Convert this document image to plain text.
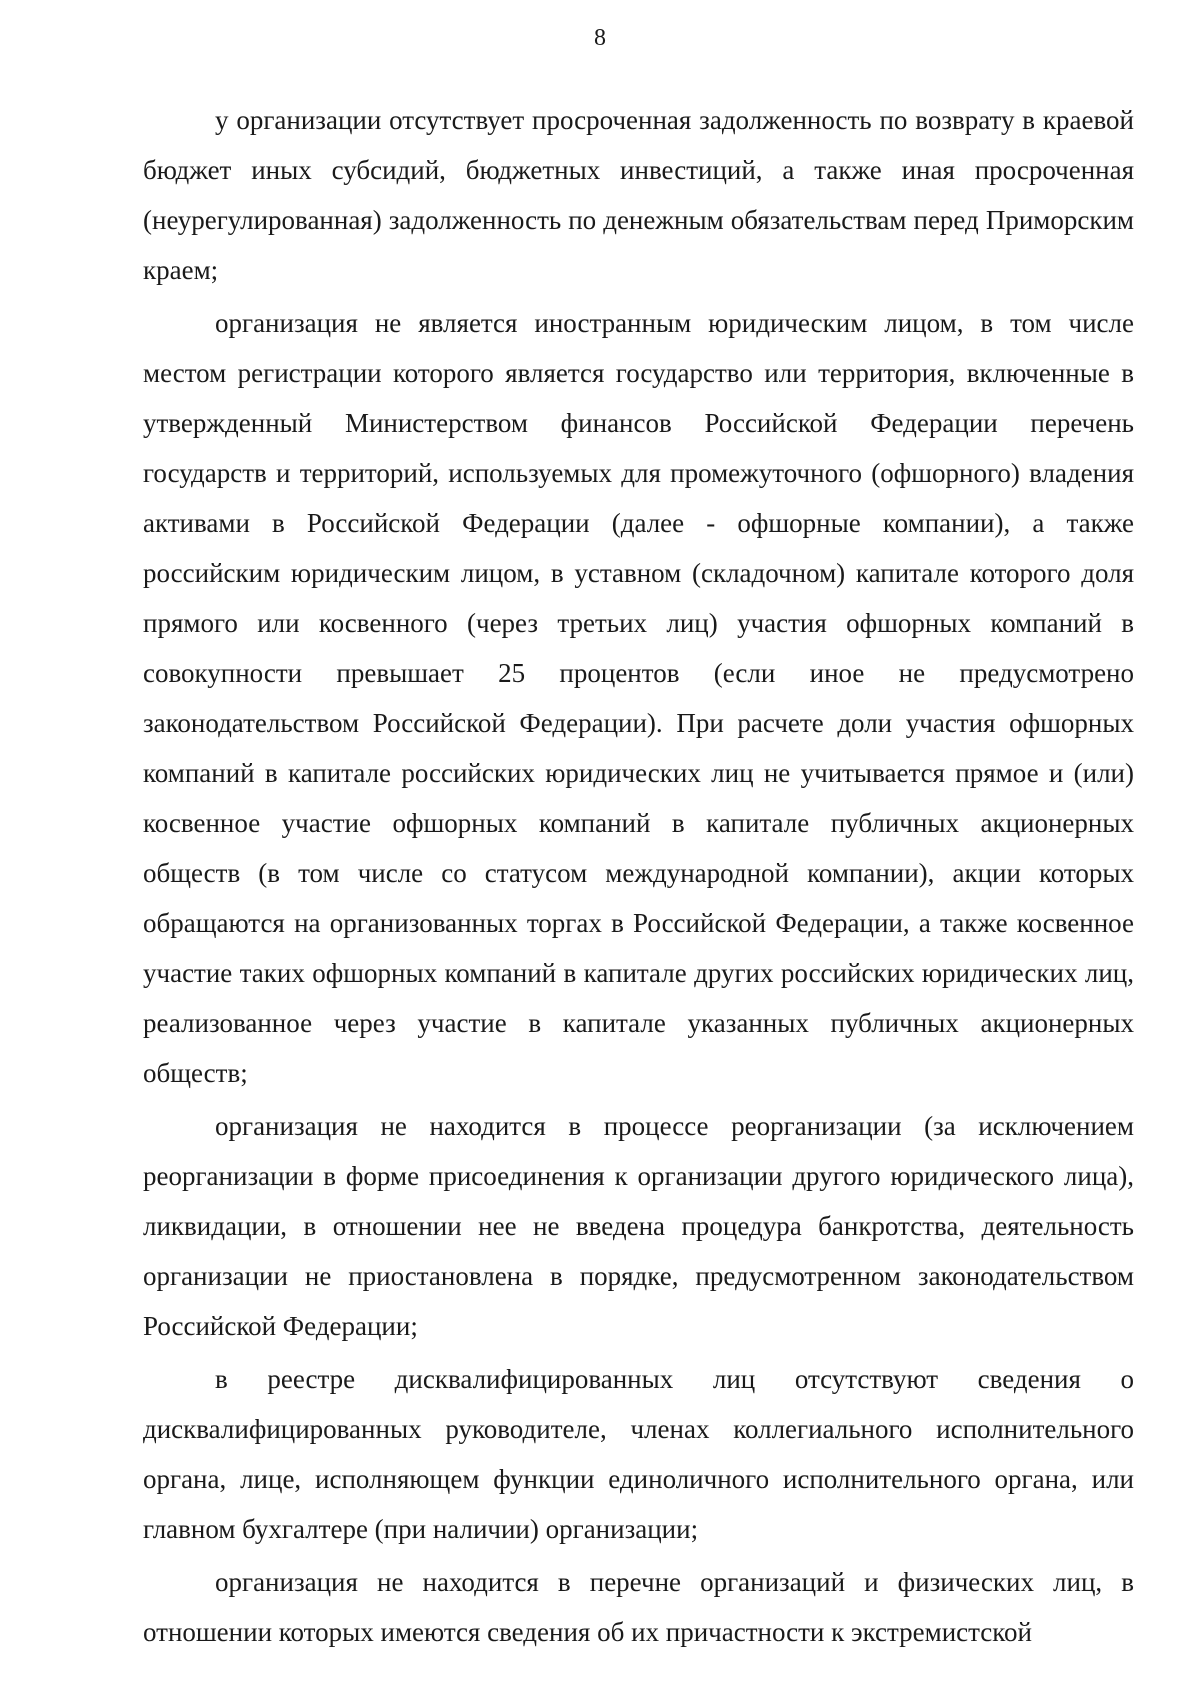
8

у организации отсутствует просроченная задолженность по возврату в краевой бюджет иных субсидий, бюджетных инвестиций, а также иная просроченная (неурегулированная) задолженность по денежным обязательствам перед Приморским краем;

организация не является иностранным юридическим лицом, в том числе местом регистрации которого является государство или территория, включенные в утвержденный Министерством финансов Российской Федерации перечень государств и территорий, используемых для промежуточного (офшорного) владения активами в Российской Федерации (далее - офшорные компании), а также российским юридическим лицом, в уставном (складочном) капитале которого доля прямого или косвенного (через третьих лиц) участия офшорных компаний в совокупности превышает 25 процентов (если иное не предусмотрено законодательством Российской Федерации). При расчете доли участия офшорных компаний в капитале российских юридических лиц не учитывается прямое и (или) косвенное участие офшорных компаний в капитале публичных акционерных обществ (в том числе со статусом международной компании), акции которых обращаются на организованных торгах в Российской Федерации, а также косвенное участие таких офшорных компаний в капитале других российских юридических лиц, реализованное через участие в капитале указанных публичных акционерных обществ;

организация не находится в процессе реорганизации (за исключением реорганизации в форме присоединения к организации другого юридического лица), ликвидации, в отношении нее не введена процедура банкротства, деятельность организации не приостановлена в порядке, предусмотренном законодательством Российской Федерации;

в реестре дисквалифицированных лиц отсутствуют сведения о дисквалифицированных руководителе, членах коллегиального исполнительного органа, лице, исполняющем функции единоличного исполнительного органа, или главном бухгалтере (при наличии) организации;

организация не находится в перечне организаций и физических лиц, в отношении которых имеются сведения об их причастности к экстремистской
